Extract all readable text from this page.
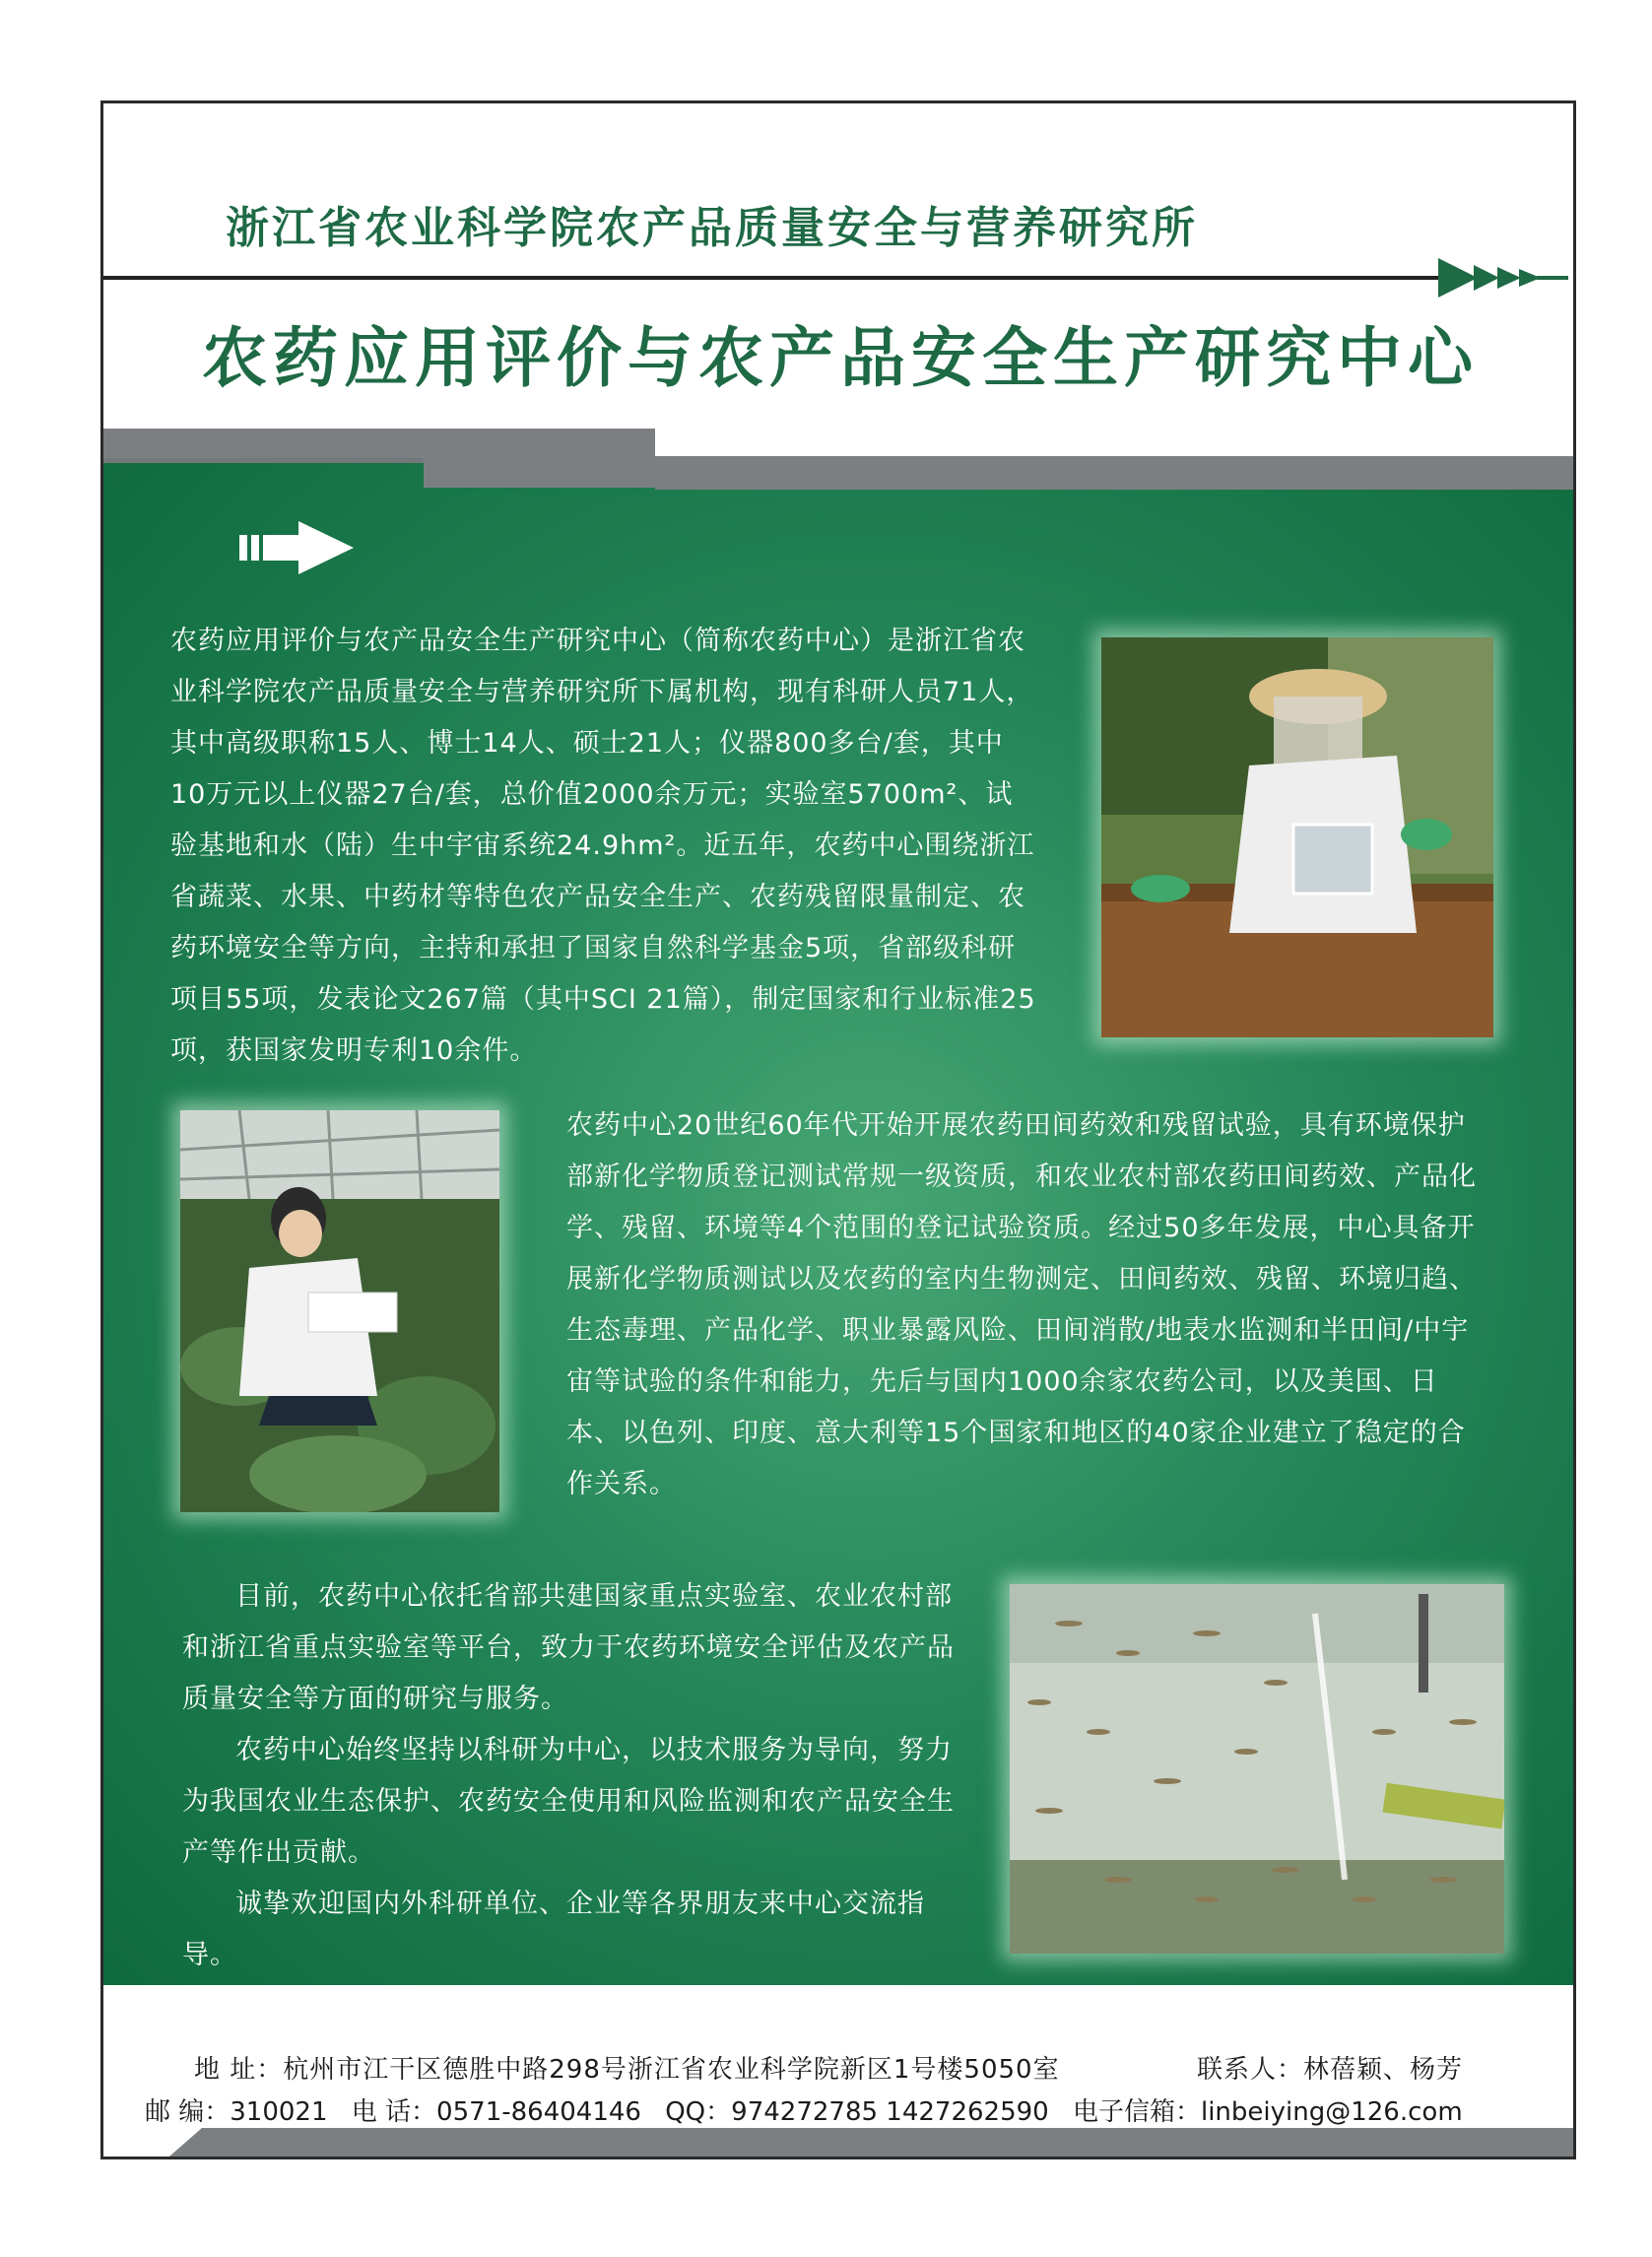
浙江省农业科学院农产品质量安全与营养研究所
农药应用评价与农产品安全生产研究中心

农药应用评价与农产品安全生产研究中心（简称农药中心）是浙江省农业科学院农产品质量安全与营养研究所下属机构，现有科研人员71人，其中高级职称15人、博士14人、硕士21人；仪器800多台/套，其中10万元以上仪器27台/套，总价值2000余万元；实验室5700m²、试验基地和水（陆）生中宇宙系统24.9hm²。近五年，农药中心围绕浙江省蔬菜、水果、中药材等特色农产品安全生产、农药残留限量制定、农药环境安全等方向，主持和承担了国家自然科学基金5项，省部级科研项目55项，发表论文267篇（其中SCI 21篇），制定国家和行业标准25项，获国家发明专利10余件。

农药中心20世纪60年代开始开展农药田间药效和残留试验，具有环境保护部新化学物质登记测试常规一级资质，和农业农村部农药田间药效、产品化学、残留、环境等4个范围的登记试验资质。经过50多年发展，中心具备开展新化学物质测试以及农药的室内生物测定、田间药效、残留、环境归趋、生态毒理、产品化学、职业暴露风险、田间消散/地表水监测和半田间/中宇宙等试验的条件和能力，先后与国内1000余家农药公司，以及美国、日本、以色列、印度、意大利等15个国家和地区的40家企业建立了稳定的合作关系。

目前，农药中心依托省部共建国家重点实验室、农业农村部和浙江省重点实验室等平台，致力于农药环境安全评估及农产品质量安全等方面的研究与服务。

农药中心始终坚持以科研为中心，以技术服务为导向，努力为我国农业生态保护、农药安全使用和风险监测和农产品安全生产等作出贡献。

诚挚欢迎国内外科研单位、企业等各界朋友来中心交流指导。

地 址：杭州市江干区德胜中路298号浙江省农业科学院新区1号楼5050室	联系人：林蓓颖、杨芳
邮 编：310021 电 话：0571-86404146 QQ：974272785 1427262590 电子信箱：linbeiying@126.com
